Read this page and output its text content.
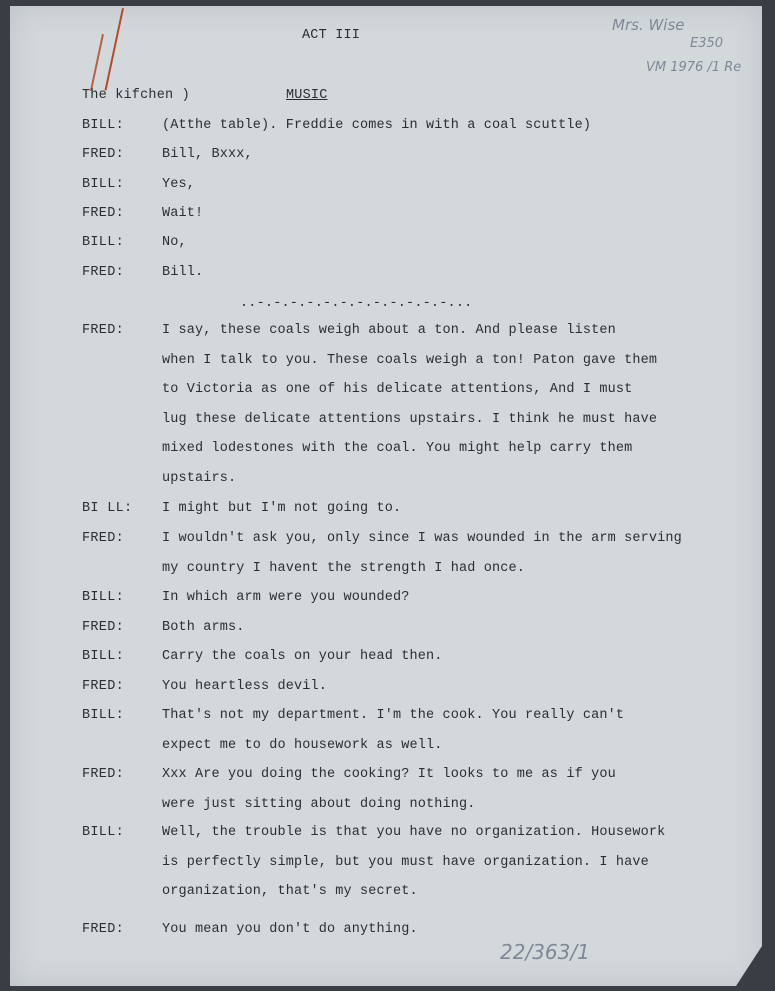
ACT III
The kifchen )	MUSIC
Mrs. Wise
E350
VM 1976 /1 Re
22/363/1
..-.-.-.-.-.-.-.-.-.-.-.-...
BILL:	(Atthe table). Freddie comes in with a coal scuttle)
FRED:	Bill, Bxxx,
BILL:	Yes,
FRED:	Wait!
BILL:	No,
FRED:	Bill.
FRED:	I say, these coals weigh about a ton. And please listen
when I talk to you. These coals weigh a ton! Paton gave them
to Victoria as one of his delicate attentions, And I must
lug these delicate attentions upstairs. I think he must have
mixed lodestones with the coal. You might help carry them
upstairs.
BI LL: I might but I'm not going to.
FRED:	I wouldn't ask you, only since I was wounded in the arm serving
my country I havent the strength I had once.
BILL:	In which arm were you wounded?
FRED:	Both arms.
BILL:	Carry the coals on your head then.
FRED:	You heartless devil.
BILL:	That's not my department. I'm the cook. You really can't
expect me to do housework as well.
FRED:	Xxx Are you doing the cooking? It looks to me as if you
were just sitting about doing nothing.
BILL:	Well, the trouble is that you have no organization. Housework
is perfectly simple, but you must have organization. I have
organization, that's my secret.
FRED:	You mean you don't do anything.
